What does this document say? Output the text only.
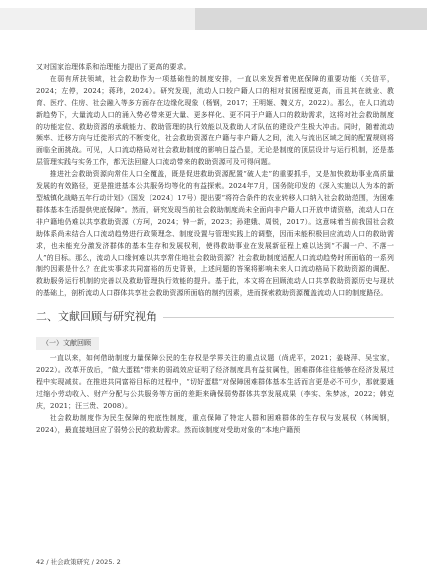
又对国家治理体系和治理能力提出了更高的要求。

在弱有所扶领域，社会救助作为一项基础性的制度安排，一直以来发挥着兜底保障的重要功能（关信平，2024；左停，2024；蒋玮，2024）。研究发现，流动人口较户籍人口的相对贫困程度更高，而且其在就业、教育、医疗、住房、社会融入等多方面存在边缘化现象（杨钢，2017；王明姬、魏义方，2022）。那么，在人口流动新趋势下，大量流动人口的涌入势必带来更大量、更多样化、更不同于户籍人口的救助需求，这将对社会救助制度的功能定位、救助资源的承载能力、救助管理的执行效能以及救助人才队伍的建设产生极大冲击。同时，随着流动频率、迁移方向与迁徙形式的不断变化，社会救助资源在户籍与非户籍人之间，流入与流出区域之间的配置规则将面临全面挑战。可见，人口流动格局对社会救助制度的影响日益凸显，无论是制度的顶层设计与运行机制，还是基层管理实践与实务工作，都无法回避人口流动带来的救助资源可及可得问题。

推进社会救助资源向常住人口全覆盖，既是促进救助资源配置“破人走”的重要抓手，又是加快救助事业高质量发展的有效路径，更是推进基本公共服务均等化的有益探索。2024年7月，国务院印发的《深入实施以人为本的新型城镇化战略五年行动计划》（国发〔2024〕17号）提出要“将符合条件的农业转移人口纳入社会救助范围，为困难群体基本生活提供兜底保障”。然而，研究发现当前社会救助制度尚未全面向非户籍人口开放申请资格，流动人口在非户籍地仍难以共享救助资源（方珂，2024；钟一新，2023；孙建娥、周锐，2017）。这意味着当前我国社会救助体系尚未结合人口流动趋势进行政策理念、制度设置与管理实践上的调整，因而未能积极回应流动人口的救助需求，也未能充分激发济群体的基本生存和发展权利，使得救助事业在发展新征程上难以达到“不漏一户、不落一人”的目标。那么，流动人口缘何难以共享常住地社会救助资源？社会救助制度适配人口流动趋势时所面临的一系列制约因素是什么？在此实事求共同富裕的历史背景，上述问题的答案将影响未来人口流动格局下救助资源的调配、救助服务运行机制的完善以及救助管理执行效能的提升。基于此，本文将在回顾流动人口共享救助资源历史与现状的基础上，剖析流动人口群体共享社会救助资源所面临的制约因素，进而探索救助资源覆盖流动人口的制度路径。

二、文献回顾与研究视角
（一）文献回顾

一直以来，如何借助制度力量保障公民的生存权是学界关注的重点议题（尚虎平，2021；姜晓萍、吴宝家，2022）。改革开放后，“做大蛋糕”带来的弱疏效应证明了经济制度具有益贫属性，困难群体往往能够在经济发展过程中实现减贫。在推进共同富裕目标的过程中，“切好蛋糕”对保障困难群体基本生活而言更是必不可少，那就要通过缩小劳动收入、财产分配与公共服务等方面的差距来确保弱势群体共享发展成果（李实、朱梦冰，2022；韩克庆，2021；汪三贵、2008）。

社会救助制度作为民生保障的兜底性制度，重点保障了特定人群和困难群体的生存权与发展权（林闽钢，2024），最直接地回应了弱势公民的救助需求。然而该制度对受助对象的“本地户籍预

42 / 社会政策研究 / 2025. 2
